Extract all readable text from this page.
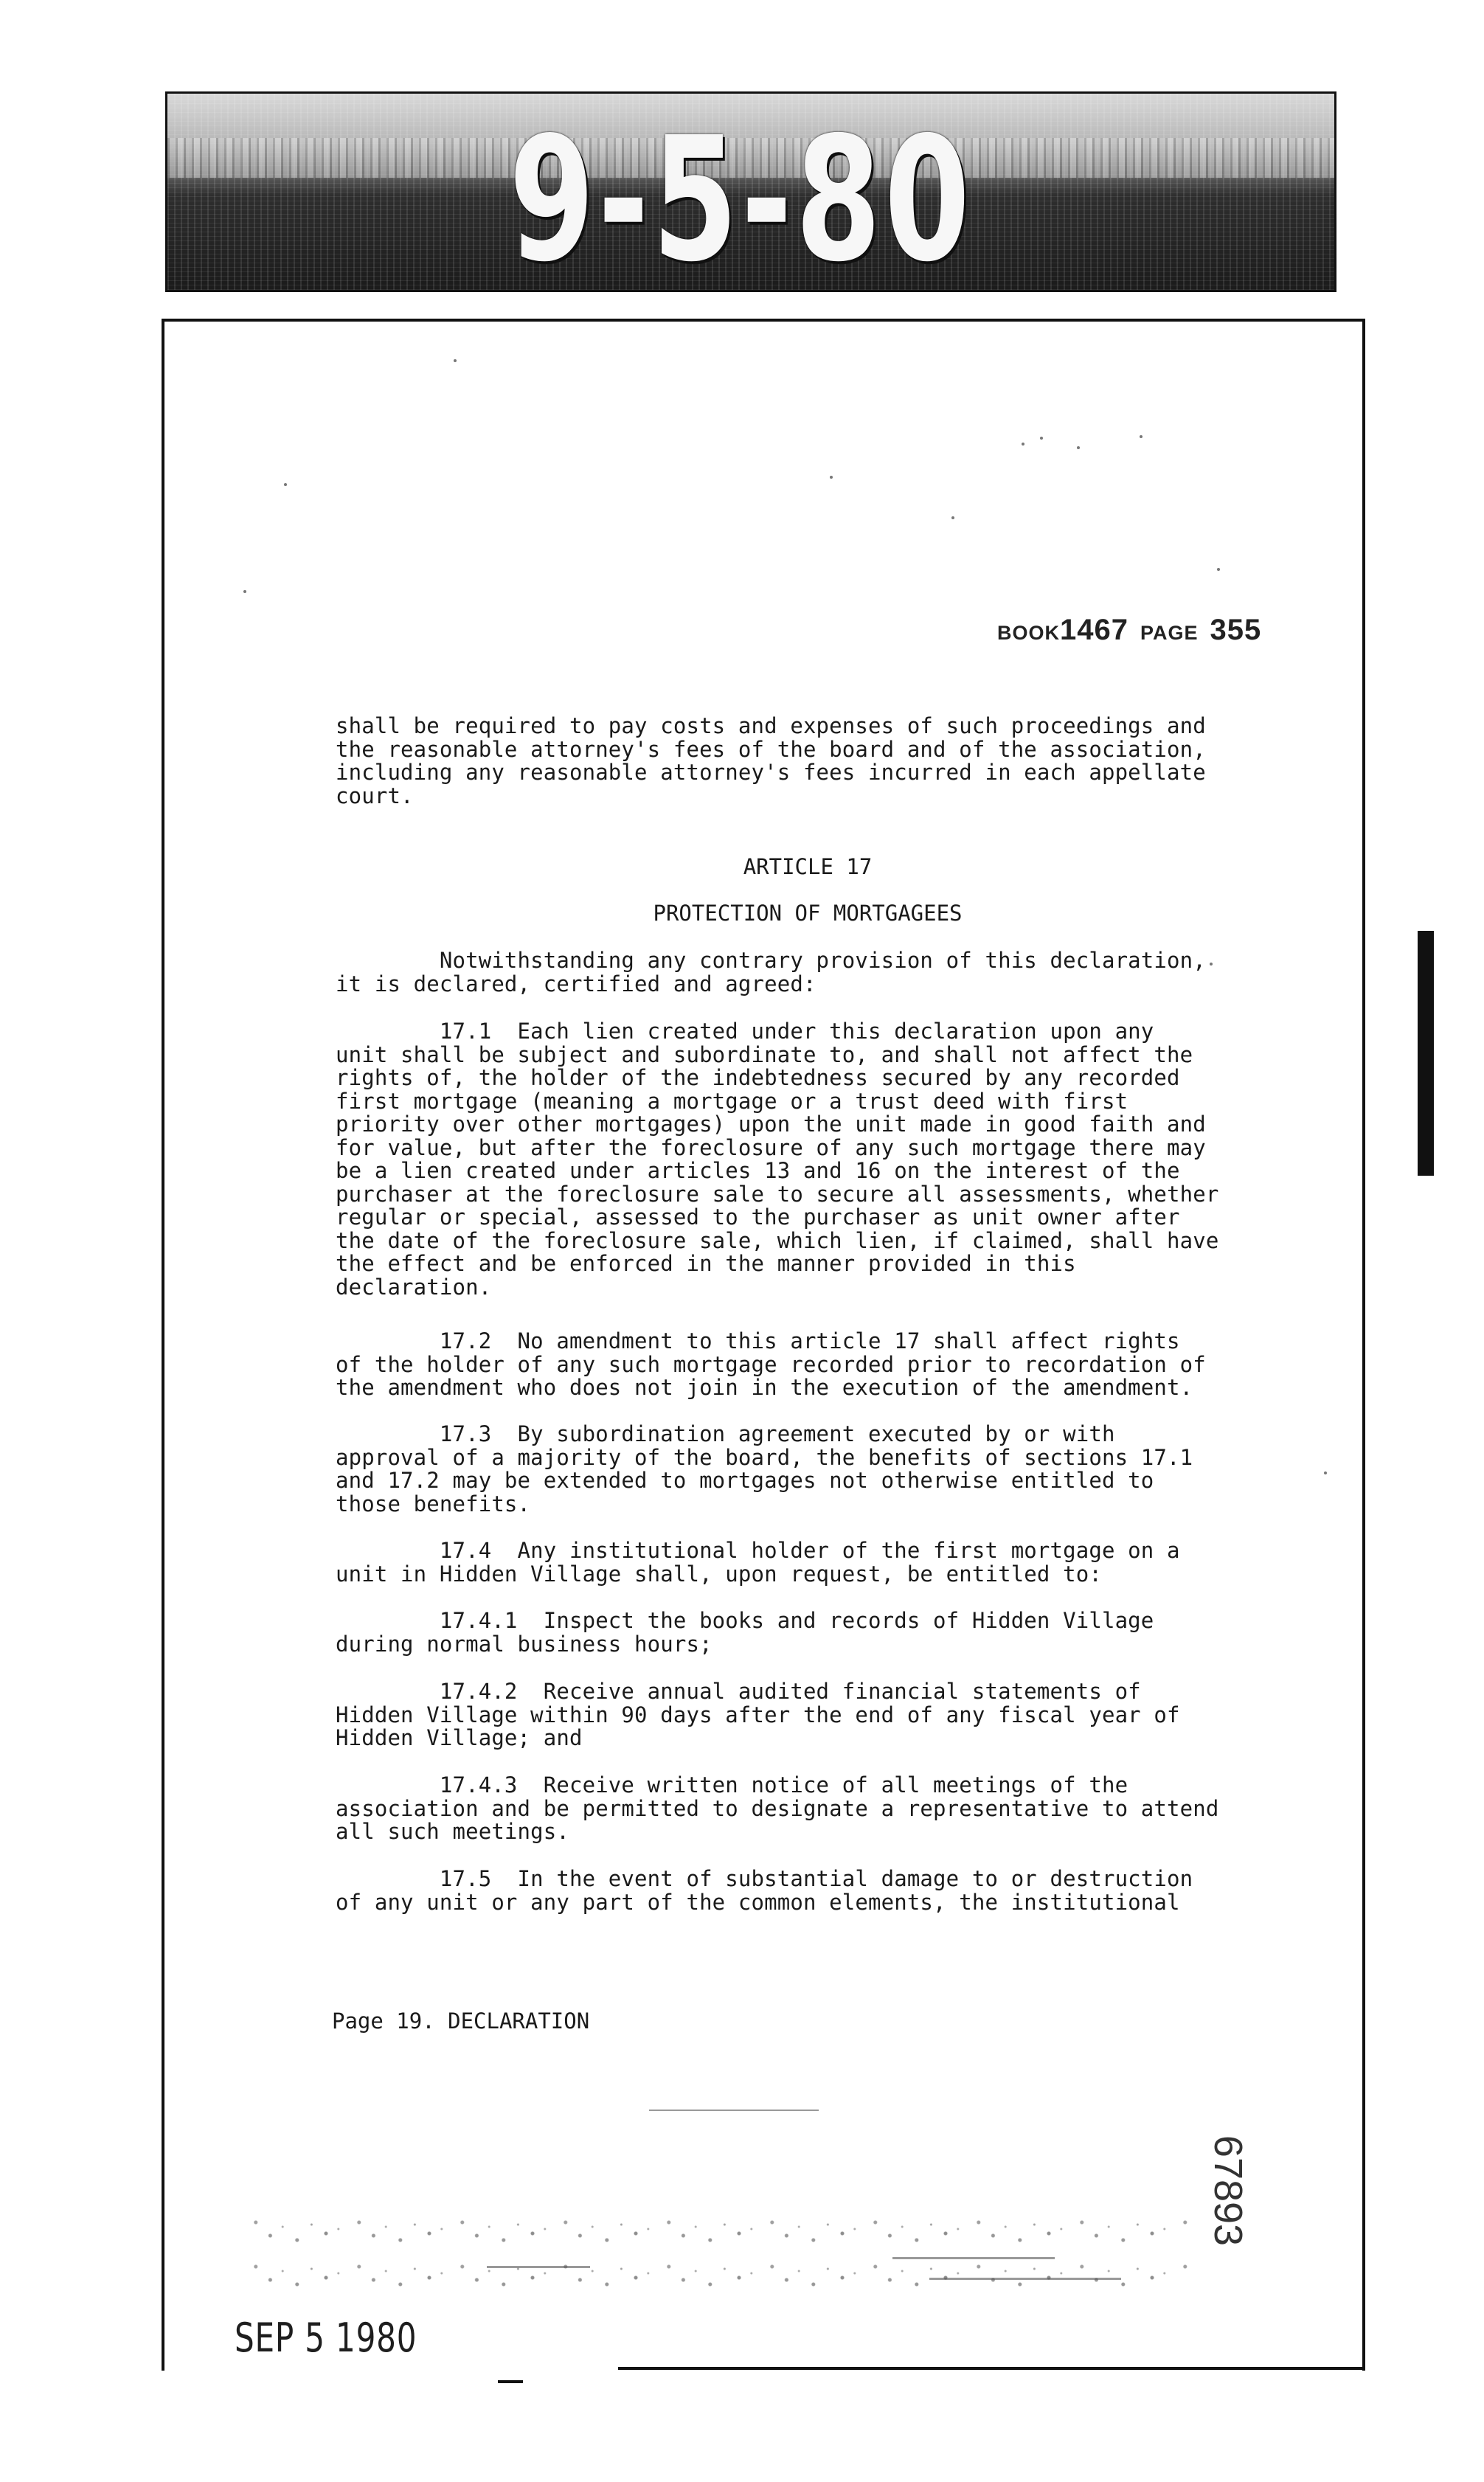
9-5-80
BOOK1467 PAGE 355
shall be required to pay costs and expenses of such proceedings and
the reasonable attorney's fees of the board and of the association,
including any reasonable attorney's fees incurred in each appellate
court.
ARTICLE 17
PROTECTION OF MORTGAGEES
Notwithstanding any contrary provision of this declaration,
it is declared, certified and agreed:
17.1  Each lien created under this declaration upon any
unit shall be subject and subordinate to, and shall not affect the
rights of, the holder of the indebtedness secured by any recorded
first mortgage (meaning a mortgage or a trust deed with first
priority over other mortgages) upon the unit made in good faith and
for value, but after the foreclosure of any such mortgage there may
be a lien created under articles 13 and 16 on the interest of the
purchaser at the foreclosure sale to secure all assessments, whether
regular or special, assessed to the purchaser as unit owner after
the date of the foreclosure sale, which lien, if claimed, shall have
the effect and be enforced in the manner provided in this
declaration.
17.2  No amendment to this article 17 shall affect rights
of the holder of any such mortgage recorded prior to recordation of
the amendment who does not join in the execution of the amendment.
17.3  By subordination agreement executed by or with
approval of a majority of the board, the benefits of sections 17.1
and 17.2 may be extended to mortgages not otherwise entitled to
those benefits.
17.4  Any institutional holder of the first mortgage on a
unit in Hidden Village shall, upon request, be entitled to:
17.4.1  Inspect the books and records of Hidden Village
during normal business hours;
17.4.2  Receive annual audited financial statements of
Hidden Village within 90 days after the end of any fiscal year of
Hidden Village; and
17.4.3  Receive written notice of all meetings of the
association and be permitted to designate a representative to attend
all such meetings.
17.5  In the event of substantial damage to or destruction
of any unit or any part of the common elements, the institutional
Page 19. DECLARATION
67893
SEP 5 1980
